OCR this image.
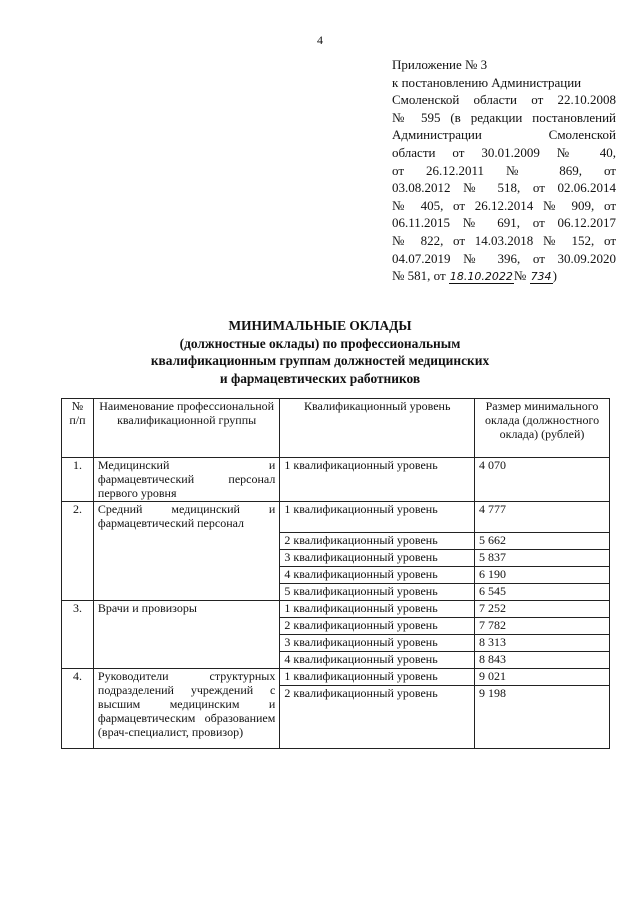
4
Приложение № 3
к постановлению Администрации
Смоленской области от 22.10.2008
№ 595 (в редакции постановлений
Администрации Смоленской
области от 30.01.2009 № 40,
от 26.12.2011 № 869, от
03.08.2012 № 518, от 02.06.2014
№ 405, от 26.12.2014 № 909, от
06.11.2015 № 691, от 06.12.2017
№ 822, от 14.03.2018 № 152, от
04.07.2019 № 396, от 30.09.2020
№ 581, от 18.10.2022№ 734)
МИНИМАЛЬНЫЕ ОКЛАДЫ
(должностные оклады) по профессиональным
квалификационным группам должностей медицинских
и фармацевтических работников
№ п/п	Наименование профессиональной квалификационной группы	Квалификационный уровень	Размер минимального оклада (должностного оклада) (рублей)
1.	Медицинский и фармацевтический персонал первого уровня	1 квалификационный уровень	4 070
2.	Средний медицинский и фармацевтический персонал	1 квалификационный уровень	4 777
		2 квалификационный уровень	5 662
		3 квалификационный уровень	5 837
		4 квалификационный уровень	6 190
		5 квалификационный уровень	6 545
3.	Врачи и провизоры	1 квалификационный уровень	7 252
		2 квалификационный уровень	7 782
		3 квалификационный уровень	8 313
		4 квалификационный уровень	8 843
4.	Руководители структурных подразделений учреждений с высшим медицинским и фармацевтическим образованием (врач-специалист, провизор)	1 квалификационный уровень	9 021
		2 квалификационный уровень	9 198
